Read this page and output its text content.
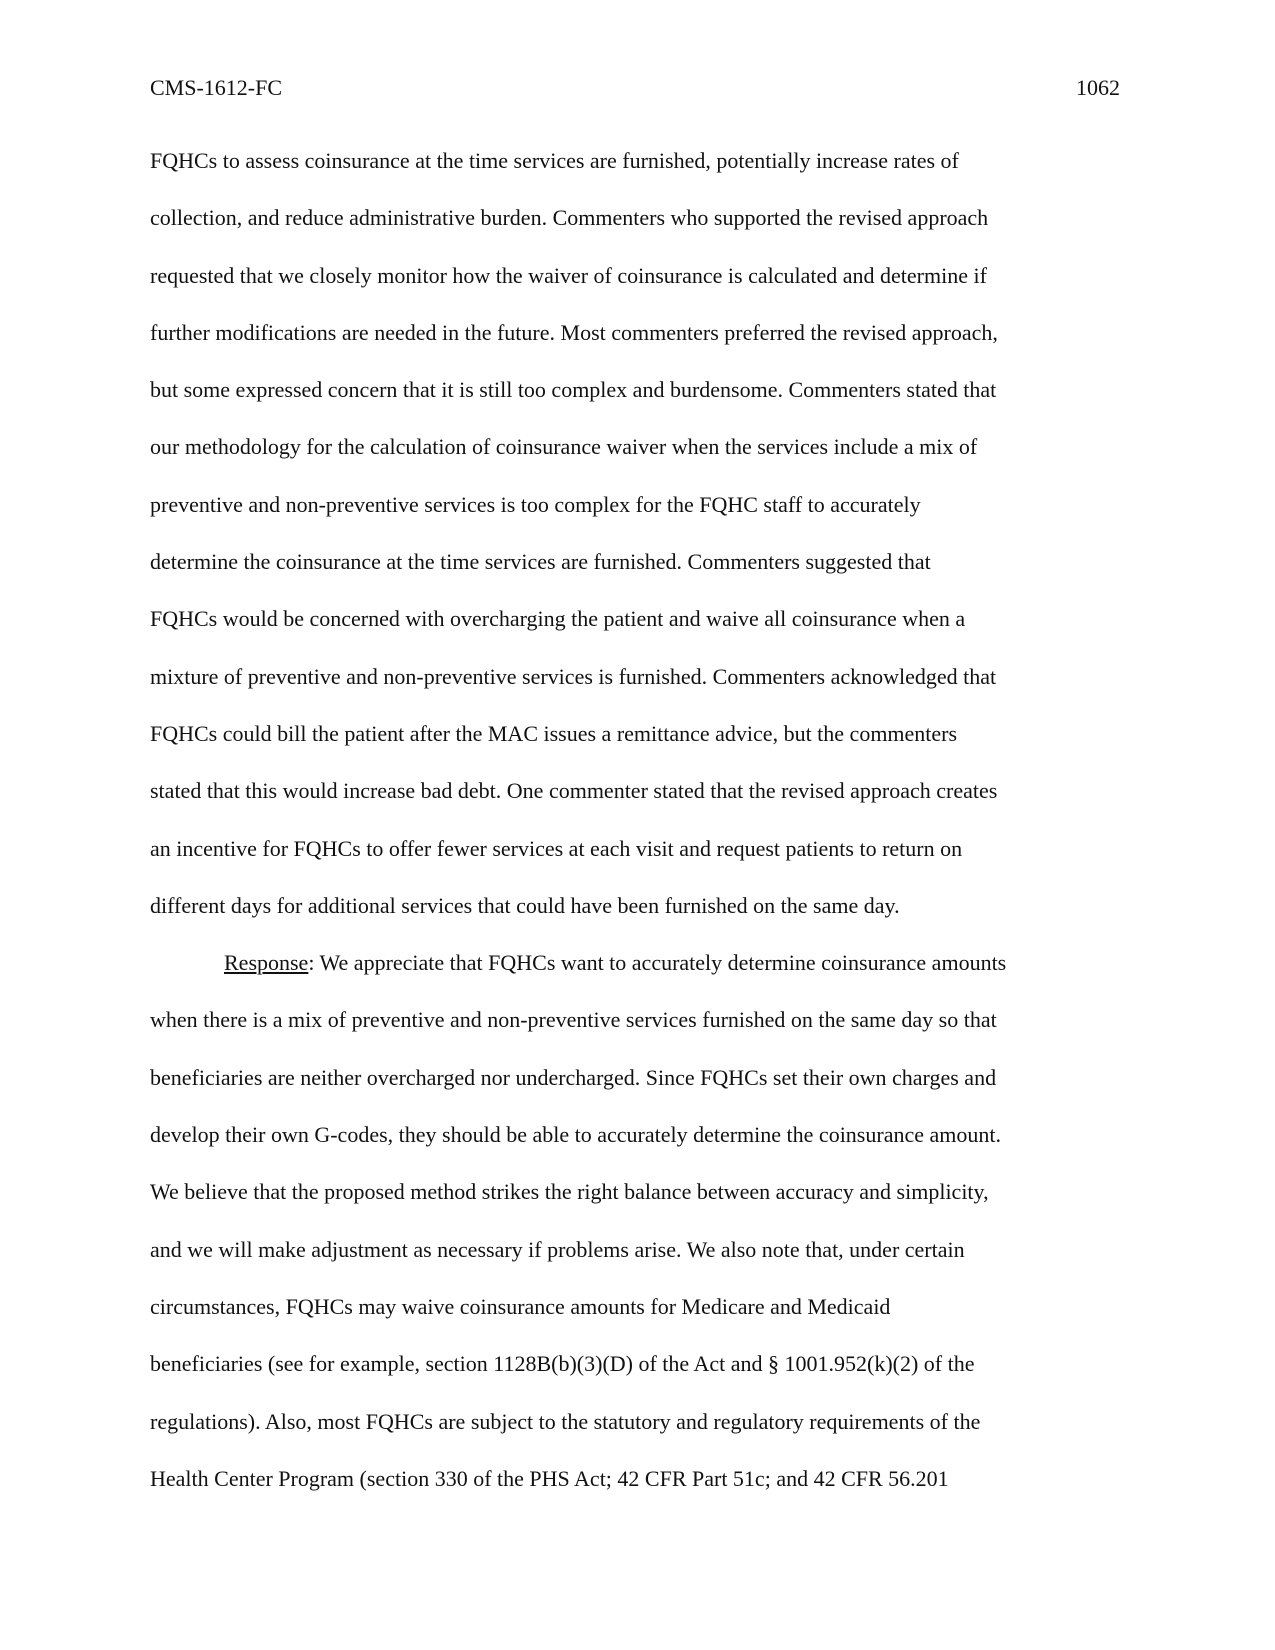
CMS-1612-FC	1062
FQHCs to assess coinsurance at the time services are furnished, potentially increase rates of
collection, and reduce administrative burden. Commenters who supported the revised approach
requested that we closely monitor how the waiver of coinsurance is calculated and determine if
further modifications are needed in the future. Most commenters preferred the revised approach,
but some expressed concern that it is still too complex and burdensome. Commenters stated that
our methodology for the calculation of coinsurance waiver when the services include a mix of
preventive and non-preventive services is too complex for the FQHC staff to accurately
determine the coinsurance at the time services are furnished. Commenters suggested that
FQHCs would be concerned with overcharging the patient and waive all coinsurance when a
mixture of preventive and non-preventive services is furnished. Commenters acknowledged that
FQHCs could bill the patient after the MAC issues a remittance advice, but the commenters
stated that this would increase bad debt. One commenter stated that the revised approach creates
an incentive for FQHCs to offer fewer services at each visit and request patients to return on
different days for additional services that could have been furnished on the same day.
Response: We appreciate that FQHCs want to accurately determine coinsurance amounts
when there is a mix of preventive and non-preventive services furnished on the same day so that
beneficiaries are neither overcharged nor undercharged. Since FQHCs set their own charges and
develop their own G-codes, they should be able to accurately determine the coinsurance amount.
We believe that the proposed method strikes the right balance between accuracy and simplicity,
and we will make adjustment as necessary if problems arise. We also note that, under certain
circumstances, FQHCs may waive coinsurance amounts for Medicare and Medicaid
beneficiaries (see for example, section 1128B(b)(3)(D) of the Act and § 1001.952(k)(2) of the
regulations). Also, most FQHCs are subject to the statutory and regulatory requirements of the
Health Center Program (section 330 of the PHS Act; 42 CFR Part 51c; and 42 CFR 56.201
